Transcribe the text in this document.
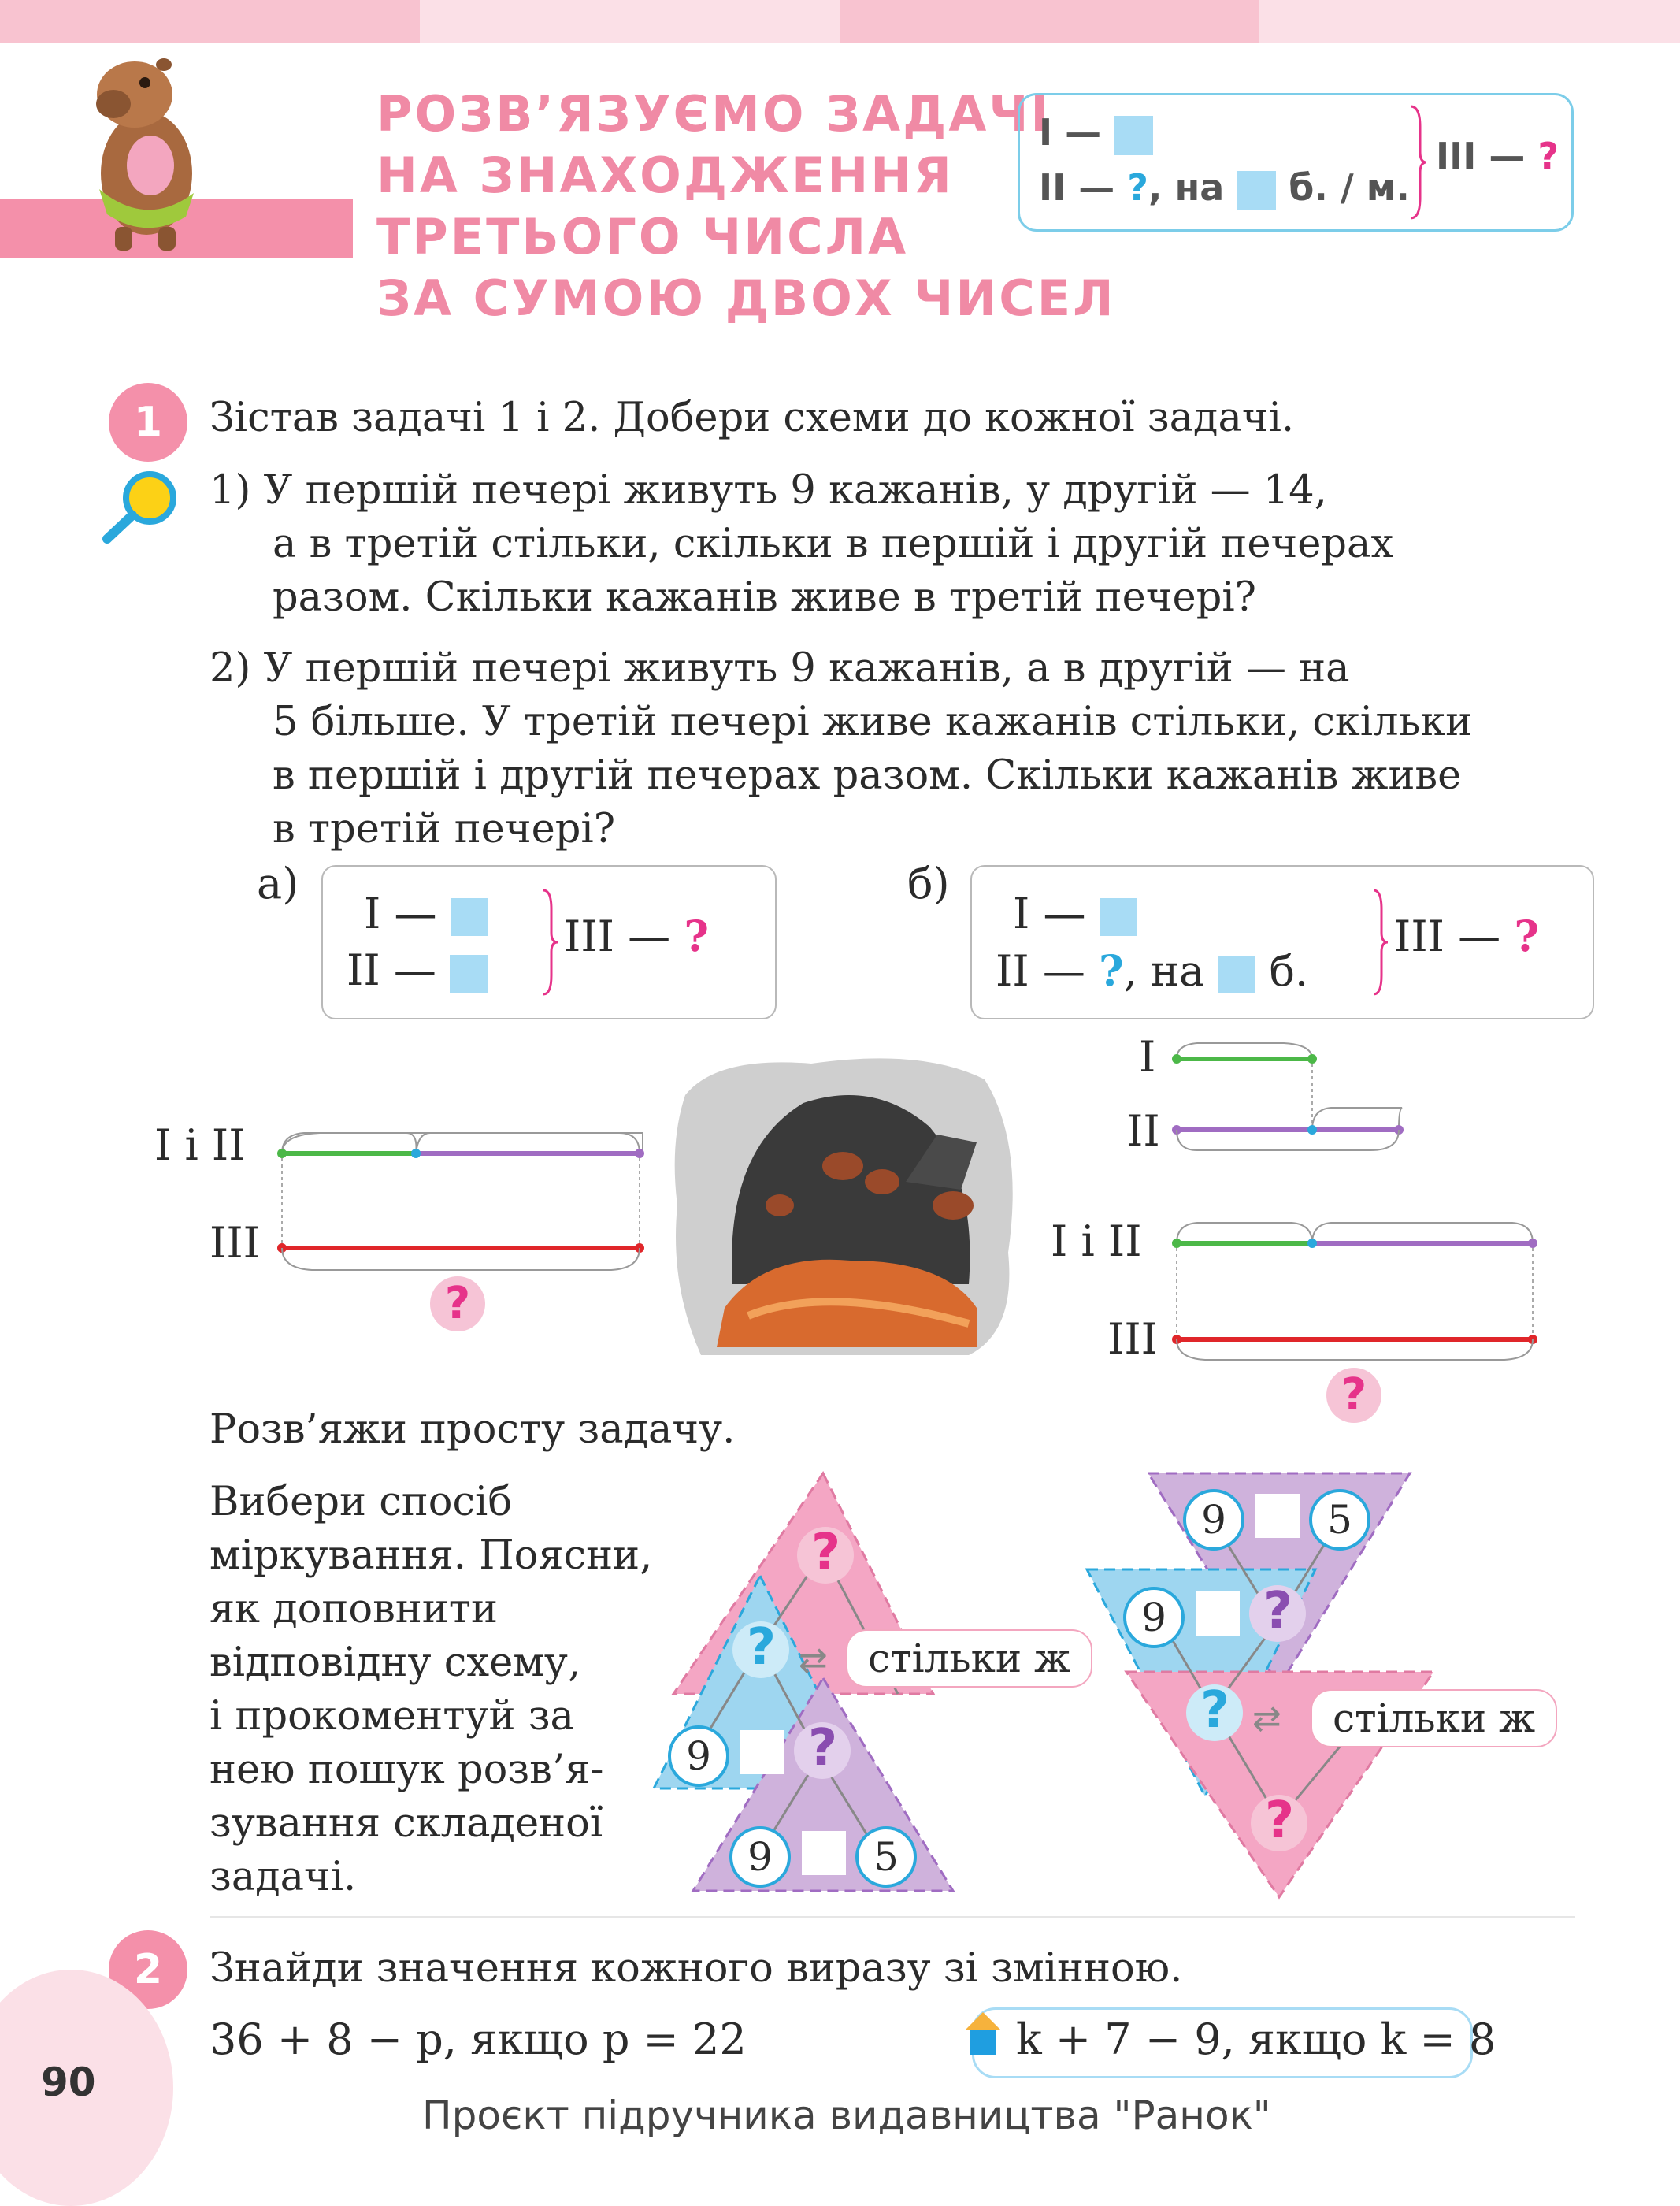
РОЗВ’ЯЗУЄМО ЗАДАЧІ
НА ЗНАХОДЖЕННЯ
ТРЕТЬОГО ЧИСЛА
ЗА СУМОЮ ДВОХ ЧИСЕЛ
І —
ІІ — ?, на б. / м.
ІІІ — ?
1	Зістав задачі 1 і 2. Добери схеми до кожної задачі.
1) У першій печері живуть 9 кажанів, у другій — 14,
а в третій стільки, скільки в першій і другій печерах
разом. Скільки кажанів живе в третій печері?
2) У першій печері живуть 9 кажанів, а в другій — на
5 більше. У третій печері живе кажанів стільки, скільки
в першій і другій печерах разом. Скільки кажанів живе
в третій печері?
а)
І —
ІІ —
ІІІ — ?
б)
І —
ІІ — ?, на б.
ІІІ — ?
І і ІІ
ІІІ
?
І
ІІ
І і ІІ
ІІІ
?
Розв’яжи просту задачу.
Вибери спосіб
міркування. Поясни,
як доповнити
відповідну схему,
і прокоментуй за
нею пошук розв’я-
зування складеної
задачі.
?
? ⇄	стільки ж
9	?
9	5
9	5
9	?
? ⇄	стільки ж
?
2	Знайди значення кожного виразу зі змінною.
36 + 8 − p, якщо p = 22	k + 7 − 9, якщо k = 8
90
Проєкт підручника видавництва "Ранок"
